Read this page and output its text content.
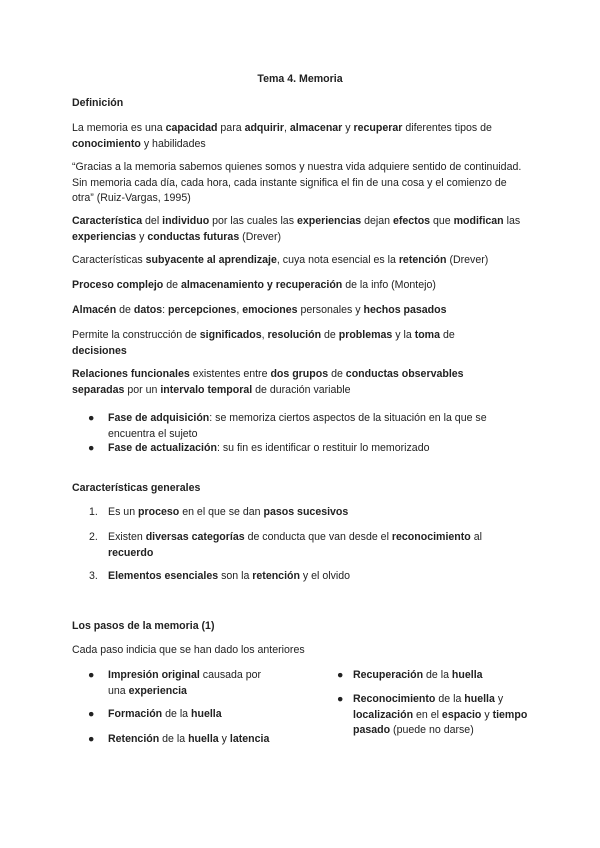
Tema 4. Memoria

Definición

La memoria es una capacidad para adquirir, almacenar y recuperar diferentes tipos de conocimiento y habilidades

“Gracias a la memoria sabemos quienes somos y nuestra vida adquiere sentido de continuidad. Sin memoria cada día, cada hora, cada instante significa el fin de una cosa y el comienzo de otra” (Ruiz-Vargas, 1995)

Característica del individuo por las cuales las experiencias dejan efectos que modifican las experiencias y conductas futuras (Drever)

Características subyacente al aprendizaje, cuya nota esencial es la retención (Drever)

Proceso complejo de almacenamiento y recuperación de la info (Montejo)

Almacén de datos: percepciones, emociones personales y hechos pasados

Permite la construcción de significados, resolución de problemas y la toma de decisiones

Relaciones funcionales existentes entre dos grupos de conductas observables separadas por un intervalo temporal de duración variable

● Fase de adquisición: se memoriza ciertos aspectos de la situación en la que se encuentra el sujeto

● Fase de actualización: su fin es identificar o restituir lo memorizado

Características generales

1. Es un proceso en el que se dan pasos sucesivos

2. Existen diversas categorías de conducta que van desde el reconocimiento al recuerdo

3. Elementos esenciales son la retención y el olvido

Los pasos de la memoria (1)

Cada paso indicia que se han dado los anteriores

● Impresión original causada por una experiencia

● Formación de la huella

● Retención de la huella y latencia

● Recuperación de la huella

● Reconocimiento de la huella y localización en el espacio y tiempo pasado (puede no darse)
